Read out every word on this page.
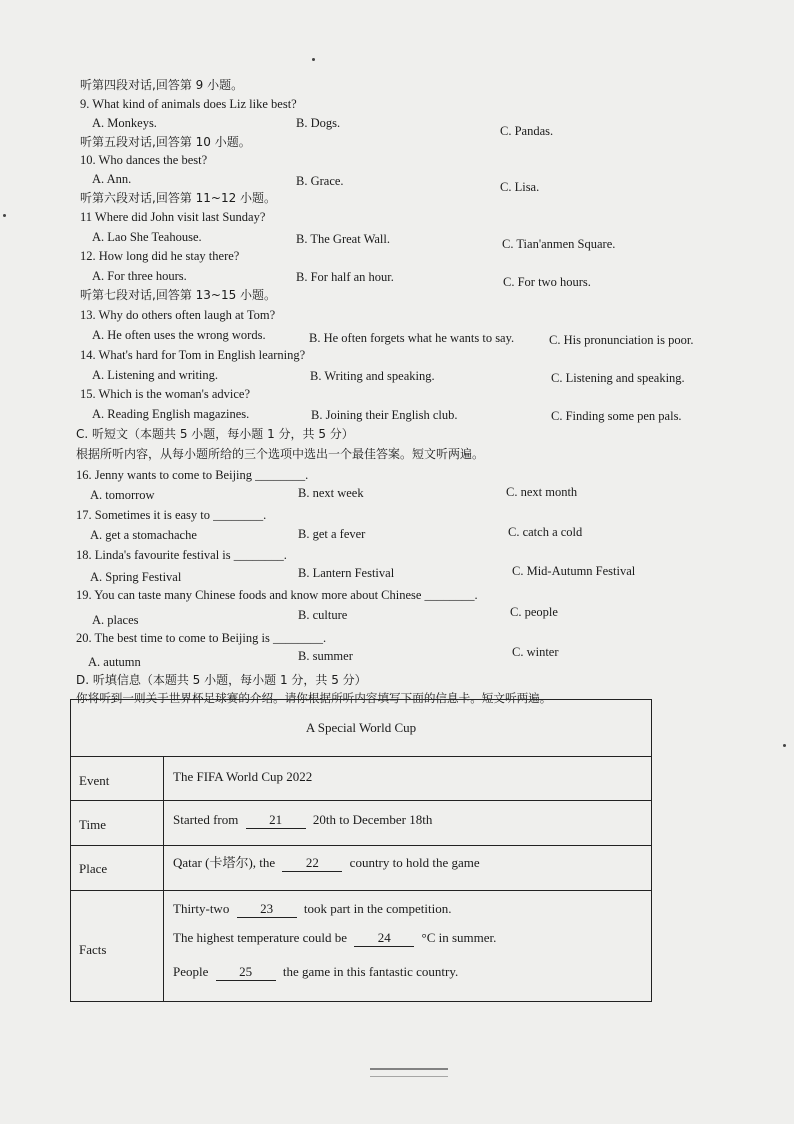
听第四段对话,回答第 9 小题。
9. What kind of animals does Liz like best?
A. Monkeys.	B. Dogs.
C. Pandas.
听第五段对话,回答第 10 小题。
10. Who dances the best?
A. Ann.	B. Grace.	C. Lisa.
听第六段对话,回答第 11~12 小题。
11 Where did John visit last Sunday?
A. Lao She Teahouse.	B. The Great Wall.	C. Tian'anmen Square.
12. How long did he stay there?
A. For three hours.	B. For half an hour.	C. For two hours.
听第七段对话,回答第 13~15 小题。
13. Why do others often laugh at Tom?
A. He often uses the wrong words.	B. He often forgets what he wants to say.	C. His pronunciation is poor.
14. What's hard for Tom in English learning?
A. Listening and writing.	B. Writing and speaking.	C. Listening and speaking.
15. Which is the woman's advice?
A. Reading English magazines.	B. Joining their English club.	C. Finding some pen pals.
C. 听短文（本题共 5 小题，每小题 1 分，共 5 分）
根据所听内容，从每小题所给的三个选项中选出一个最佳答案。短文听两遍。
16. Jenny wants to come to Beijing ________.
A. tomorrow	B. next week	C. next month
17. Sometimes it is easy to ________.
A. get a stomachache	B. get a fever	C. catch a cold
18. Linda's favourite festival is ________.
A. Spring Festival	B. Lantern Festival	C. Mid-Autumn Festival
19. You can taste many Chinese foods and know more about Chinese ________.
A. places	B. culture	C. people
20. The best time to come to Beijing is ________.
A. autumn	B. summer	C. winter
D. 听填信息（本题共 5 小题，每小题 1 分，共 5 分）
你将听到一则关于世界杯足球赛的介绍。请你根据所听内容填写下面的信息卡。短文听两遍。
A Special World Cup
Event	The FIFA World Cup 2022
Time	Started from 21 20th to December 18th
Place	Qatar (卡塔尔), the 22 country to hold the game
Facts
Thirty-two 23 took part in the competition.
The highest temperature could be 24 °C in summer.
People 25 the game in this fantastic country.
